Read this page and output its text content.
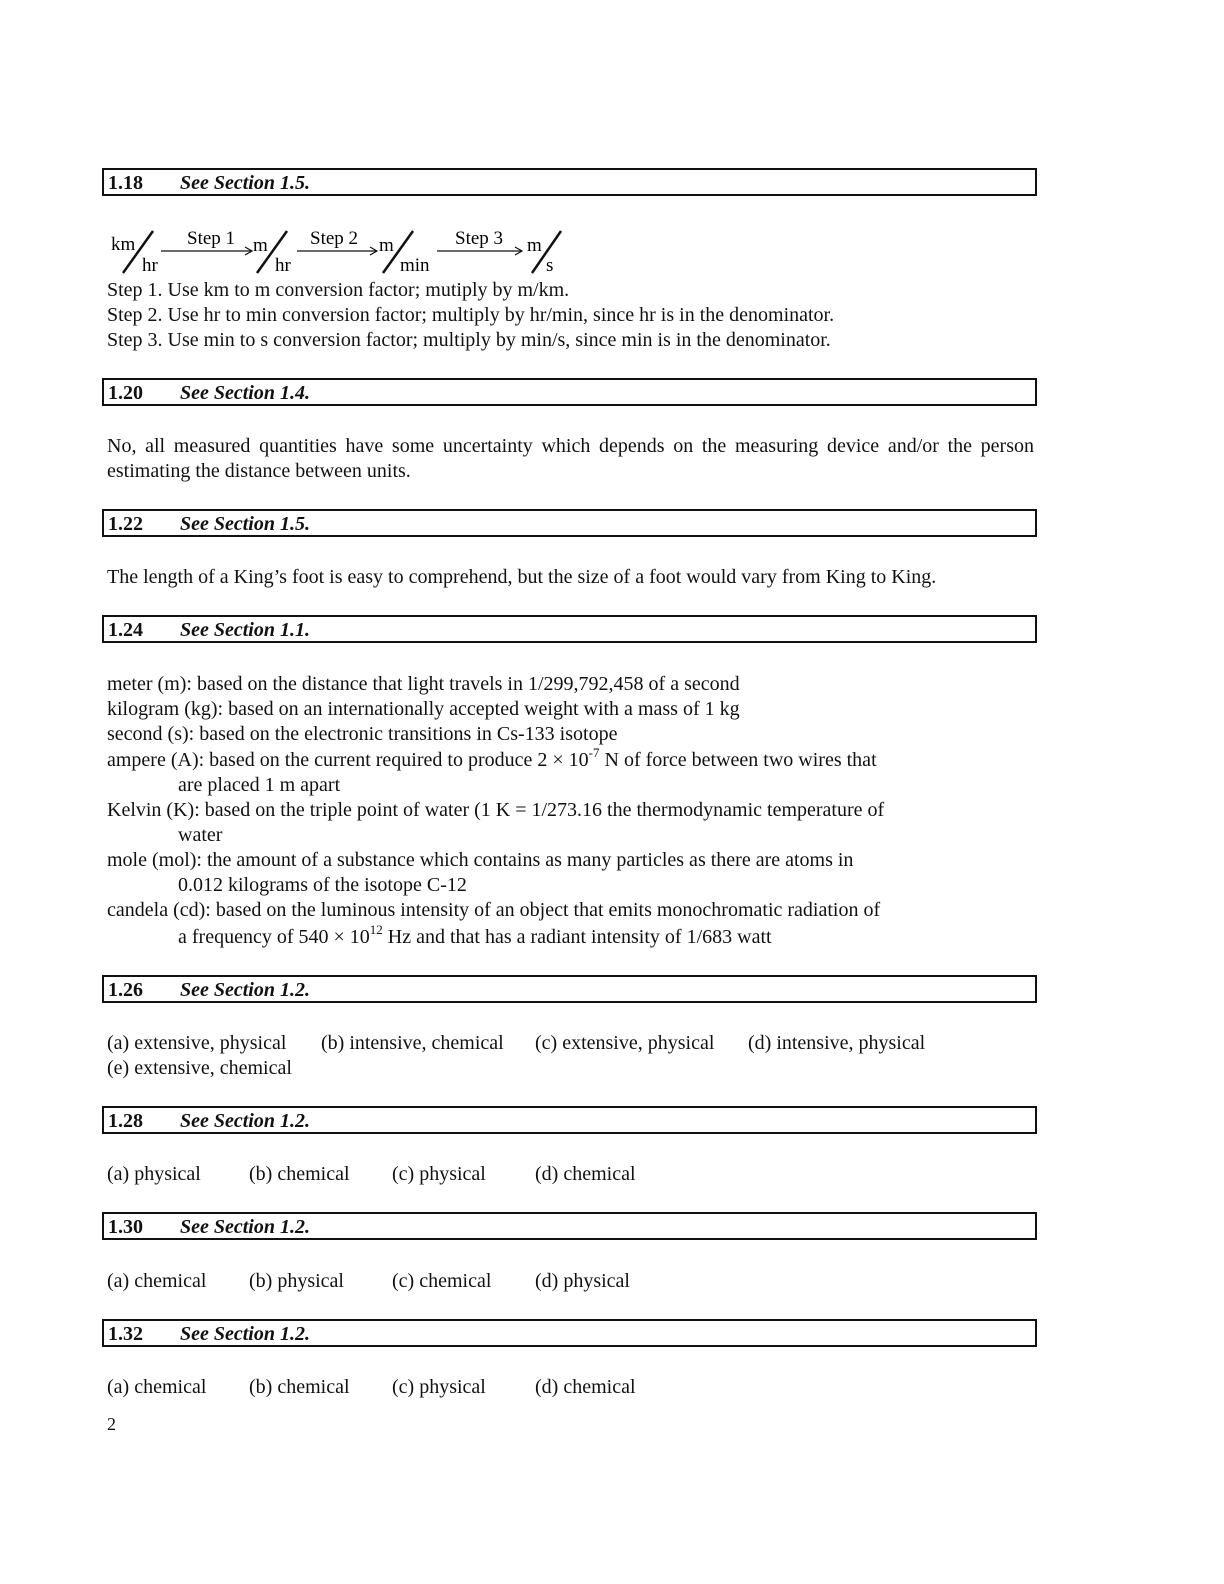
1.18 See Section 1.5.
km
hr
Step 1 m
hr
Step 2 m
min
Step 3 m
s
Step 1. Use km to m conversion factor; mutiply by m/km.
Step 2. Use hr to min conversion factor; multiply by hr/min, since hr is in the denominator.
Step 3. Use min to s conversion factor; multiply by min/s, since min is in the denominator.
1.20 See Section 1.4.
No, all measured quantities have some uncertainty which depends on the measuring device and/or the person estimating the distance between units.
1.22 See Section 1.5.
The length of a King’s foot is easy to comprehend, but the size of a foot would vary from King to King.
1.24 See Section 1.1.
meter (m): based on the distance that light travels in 1/299,792,458 of a second
kilogram (kg): based on an internationally accepted weight with a mass of 1 kg
second (s): based on the electronic transitions in Cs-133 isotope
ampere (A): based on the current required to produce $2 \times 10^{-7}$ N of force between two wires that
are placed 1 m apart
Kelvin (K): based on the triple point of water (1 K = 1/273.16 the thermodynamic temperature of
water
mole (mol): the amount of a substance which contains as many particles as there are atoms in
0.012 kilograms of the isotope C-12
candela (cd): based on the luminous intensity of an object that emits monochromatic radiation of
a frequency of $540 \times 10^{12}$ Hz and that has a radiant intensity of 1/683 watt
1.26 See Section 1.2.
(a) extensive, physical (b) intensive, chemical (c) extensive, physical (d) intensive, physical
(e) extensive, chemical
1.28 See Section 1.2.
(a) physical (b) chemical (c) physical (d) chemical
1.30 See Section 1.2.
(a) chemical (b) physical (c) chemical (d) physical
1.32 See Section 1.2.
(a) chemical (b) chemical (c) physical (d) chemical
2
